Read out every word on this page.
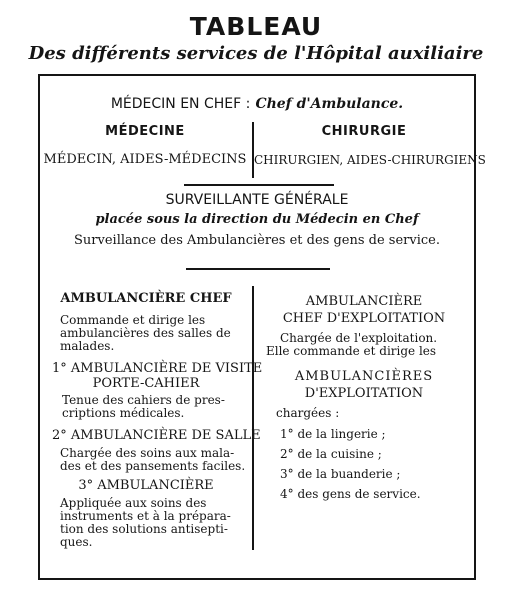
TABLEAU
Des différents services de l'Hôpital auxiliaire
MÉDECIN EN CHEF : Chef d'Ambulance.
MÉDECINE
MÉDECIN, AIDES-MÉDECINS
CHIRURGIE
CHIRURGIEN, AIDES-CHIRURGIENS
SURVEILLANTE GÉNÉRALE
placée sous la direction du Médecin en Chef
Surveillance des Ambulancières et des gens de service.
AMBULANCIÈRE CHEF
Commande et dirige les
ambulancières des salles de
malades.
1° AMBULANCIÈRE DE VISITE
PORTE-CAHIER
Tenue des cahiers de pres-
criptions médicales.
2° AMBULANCIÈRE DE SALLE
Chargée des soins aux mala-
des et des pansements faciles.
3° AMBULANCIÈRE
Appliquée aux soins des
instruments et à la prépara-
tion des solutions antisepti-
ques.
AMBULANCIÈRE
CHEF D'EXPLOITATION
Chargée de l'exploitation.
Elle commande et dirige les
AMBULANCIÈRES
D'EXPLOITATION
chargées :
1° de la lingerie ;
2° de la cuisine ;
3° de la buanderie ;
4° des gens de service.
